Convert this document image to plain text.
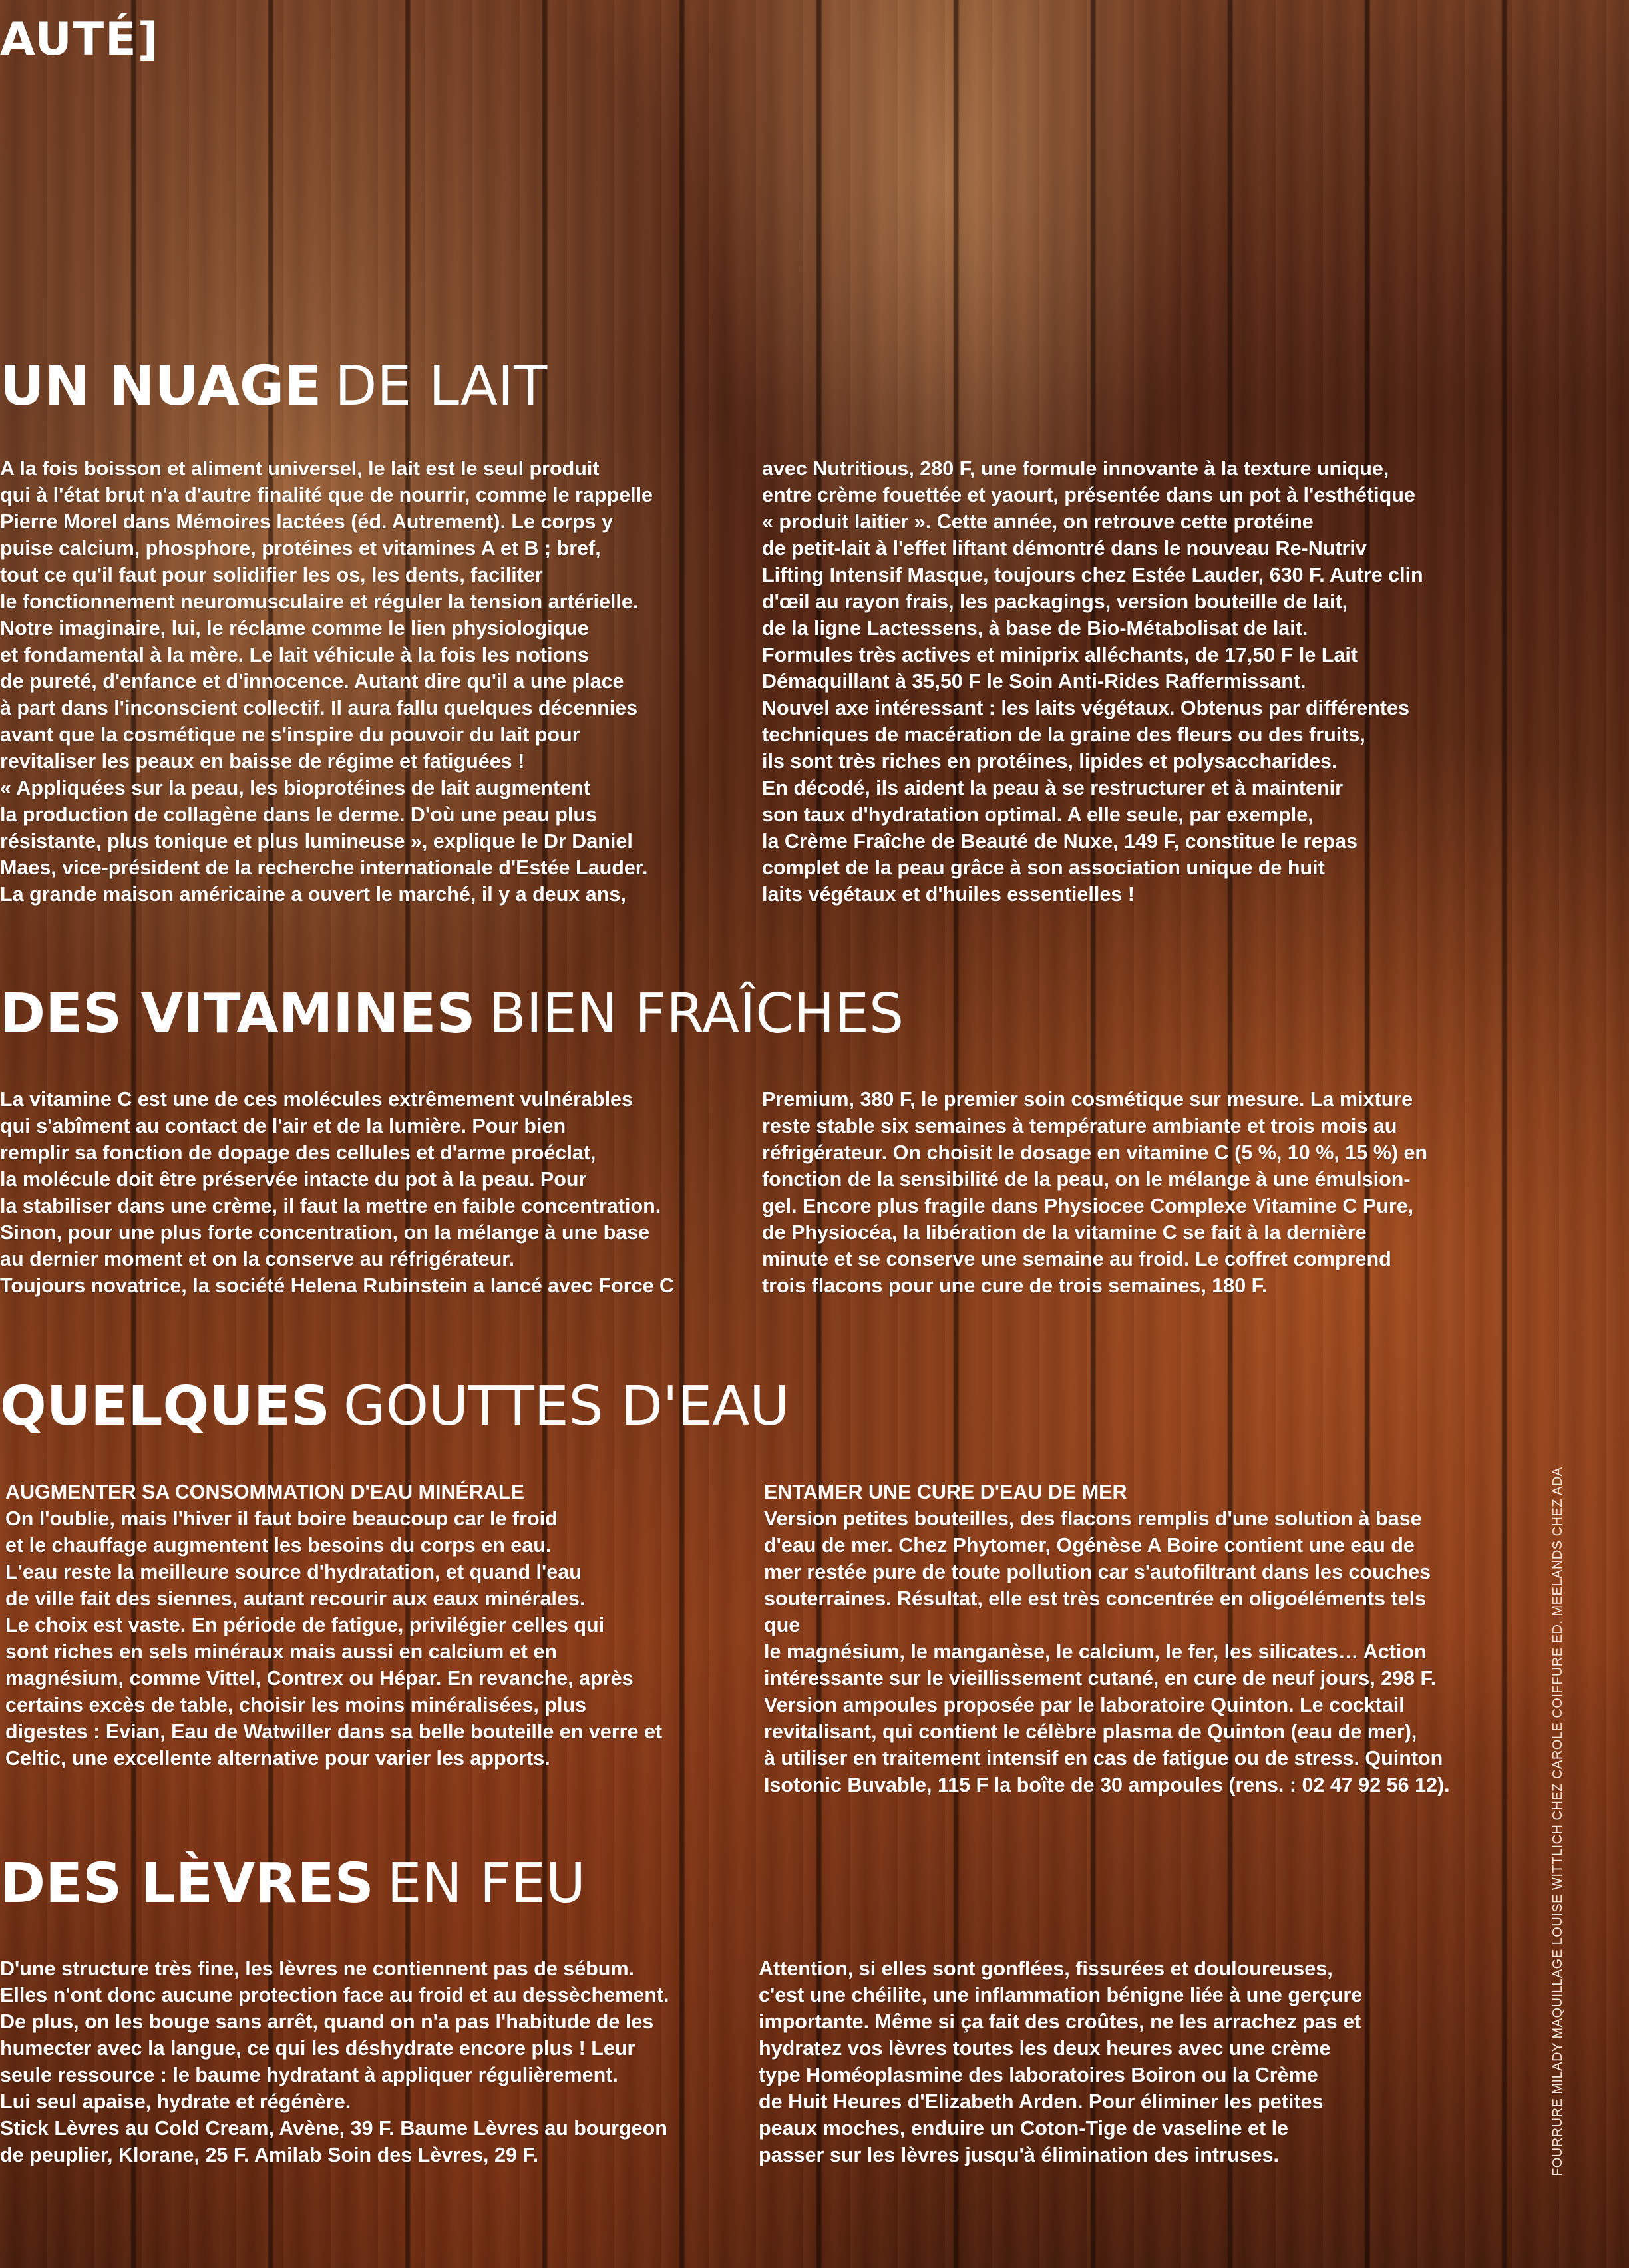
AUTÉ]
UN NUAGE DE LAIT

A la fois boisson et aliment universel, le lait est le seul produit
qui à l'état brut n'a d'autre finalité que de nourrir, comme le rappelle
Pierre Morel dans Mémoires lactées (éd. Autrement). Le corps y
puise calcium, phosphore, protéines et vitamines A et B ; bref,
tout ce qu'il faut pour solidifier les os, les dents, faciliter
le fonctionnement neuromusculaire et réguler la tension artérielle.
Notre imaginaire, lui, le réclame comme le lien physiologique
et fondamental à la mère. Le lait véhicule à la fois les notions
de pureté, d'enfance et d'innocence. Autant dire qu'il a une place
à part dans l'inconscient collectif. Il aura fallu quelques décennies
avant que la cosmétique ne s'inspire du pouvoir du lait pour
revitaliser les peaux en baisse de régime et fatiguées !
« Appliquées sur la peau, les bioprotéines de lait augmentent
la production de collagène dans le derme. D'où une peau plus
résistante, plus tonique et plus lumineuse », explique le Dr Daniel
Maes, vice-président de la recherche internationale d'Estée Lauder.
La grande maison américaine a ouvert le marché, il y a deux ans,

avec Nutritious, 280 F, une formule innovante à la texture unique,
entre crème fouettée et yaourt, présentée dans un pot à l'esthétique
« produit laitier ». Cette année, on retrouve cette protéine
de petit-lait à l'effet liftant démontré dans le nouveau Re-Nutriv
Lifting Intensif Masque, toujours chez Estée Lauder, 630 F. Autre clin
d'œil au rayon frais, les packagings, version bouteille de lait,
de la ligne Lactessens, à base de Bio-Métabolisat de lait.
Formules très actives et miniprix alléchants, de 17,50 F le Lait
Démaquillant à 35,50 F le Soin Anti-Rides Raffermissant.
Nouvel axe intéressant : les laits végétaux. Obtenus par différentes
techniques de macération de la graine des fleurs ou des fruits,
ils sont très riches en protéines, lipides et polysaccharides.
En décodé, ils aident la peau à se restructurer et à maintenir
son taux d'hydratation optimal. A elle seule, par exemple,
la Crème Fraîche de Beauté de Nuxe, 149 F, constitue le repas
complet de la peau grâce à son association unique de huit
laits végétaux et d'huiles essentielles !

DES VITAMINES BIEN FRAÎCHES

La vitamine C est une de ces molécules extrêmement vulnérables
qui s'abîment au contact de l'air et de la lumière. Pour bien
remplir sa fonction de dopage des cellules et d'arme proéclat,
la molécule doit être préservée intacte du pot à la peau. Pour
la stabiliser dans une crème, il faut la mettre en faible concentration.
Sinon, pour une plus forte concentration, on la mélange à une base
au dernier moment et on la conserve au réfrigérateur.
Toujours novatrice, la société Helena Rubinstein a lancé avec Force C

Premium, 380 F, le premier soin cosmétique sur mesure. La mixture
reste stable six semaines à température ambiante et trois mois au
réfrigérateur. On choisit le dosage en vitamine C (5 %, 10 %, 15 %) en
fonction de la sensibilité de la peau, on le mélange à une émulsion-
gel. Encore plus fragile dans Physiocee Complexe Vitamine C Pure,
de Physiocéa, la libération de la vitamine C se fait à la dernière
minute et se conserve une semaine au froid. Le coffret comprend
trois flacons pour une cure de trois semaines, 180 F.

QUELQUES GOUTTES D'EAU

AUGMENTER SA CONSOMMATION D'EAU MINÉRALE

On l'oublie, mais l'hiver il faut boire beaucoup car le froid
et le chauffage augmentent les besoins du corps en eau.
L'eau reste la meilleure source d'hydratation, et quand l'eau
de ville fait des siennes, autant recourir aux eaux minérales.
Le choix est vaste. En période de fatigue, privilégier celles qui
sont riches en sels minéraux mais aussi en calcium et en
magnésium, comme Vittel, Contrex ou Hépar. En revanche, après
certains excès de table, choisir les moins minéralisées, plus
digestes : Evian, Eau de Watwiller dans sa belle bouteille en verre et
Celtic, une excellente alternative pour varier les apports.

ENTAMER UNE CURE D'EAU DE MER

Version petites bouteilles, des flacons remplis d'une solution à base
d'eau de mer. Chez Phytomer, Ogénèse A Boire contient une eau de
mer restée pure de toute pollution car s'autofiltrant dans les couches
souterraines. Résultat, elle est très concentrée en oligoéléments tels
que
le magnésium, le manganèse, le calcium, le fer, les silicates… Action
intéressante sur le vieillissement cutané, en cure de neuf jours, 298 F.
Version ampoules proposée par le laboratoire Quinton. Le cocktail
revitalisant, qui contient le célèbre plasma de Quinton (eau de mer),
à utiliser en traitement intensif en cas de fatigue ou de stress. Quinton
Isotonic Buvable, 115 F la boîte de 30 ampoules (rens. : 02 47 92 56 12).

DES LÈVRES EN FEU

D'une structure très fine, les lèvres ne contiennent pas de sébum.
Elles n'ont donc aucune protection face au froid et au dessèchement.
De plus, on les bouge sans arrêt, quand on n'a pas l'habitude de les
humecter avec la langue, ce qui les déshydrate encore plus ! Leur
seule ressource : le baume hydratant à appliquer régulièrement.
Lui seul apaise, hydrate et régénère.
Stick Lèvres au Cold Cream, Avène, 39 F. Baume Lèvres au bourgeon
de peuplier, Klorane, 25 F. Amilab Soin des Lèvres, 29 F.

Attention, si elles sont gonflées, fissurées et douloureuses,
c'est une chéilite, une inflammation bénigne liée à une gerçure
importante. Même si ça fait des croûtes, ne les arrachez pas et
hydratez vos lèvres toutes les deux heures avec une crème
type Homéoplasmine des laboratoires Boiron ou la Crème
de Huit Heures d'Elizabeth Arden. Pour éliminer les petites
peaux moches, enduire un Coton-Tige de vaseline et le
passer sur les lèvres jusqu'à élimination des intruses.	FOURRURE MILADY MAQUILLAGE LOUISE WITTLICH CHEZ CAROLE COIFFURE ED. MEELANDS CHEZ ADA
